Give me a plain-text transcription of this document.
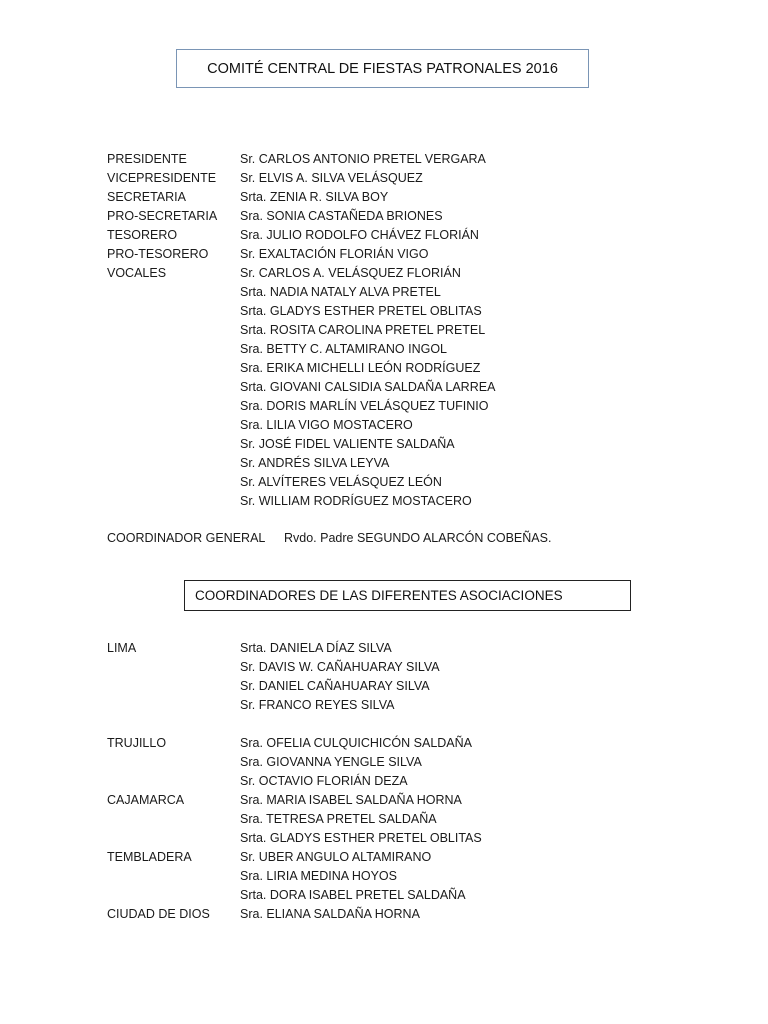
COMITÉ CENTRAL DE FIESTAS PATRONALES 2016
PRESIDENTE	Sr. CARLOS ANTONIO PRETEL VERGARA
VICEPRESIDENTE	Sr. ELVIS A. SILVA VELÁSQUEZ
SECRETARIA	Srta. ZENIA R. SILVA BOY
PRO-SECRETARIA	Sra. SONIA CASTAÑEDA BRIONES
TESORERO	Sra. JULIO RODOLFO CHÁVEZ FLORIÁN
PRO-TESORERO	Sr. EXALTACIÓN FLORIÁN VIGO
VOCALES	Sr. CARLOS A. VELÁSQUEZ FLORIÁN
Srta. NADIA NATALY ALVA PRETEL
Srta. GLADYS ESTHER PRETEL OBLITAS
Srta. ROSITA CAROLINA PRETEL PRETEL
Sra. BETTY C. ALTAMIRANO INGOL
Sra. ERIKA MICHELLI LEÓN RODRÍGUEZ
Srta. GIOVANI CALSIDIA SALDAÑA LARREA
Sra. DORIS MARLÍN VELÁSQUEZ TUFINIO
Sra. LILIA VIGO MOSTACERO
Sr. JOSÉ FIDEL VALIENTE SALDAÑA
Sr. ANDRÉS SILVA LEYVA
Sr. ALVÍTERES VELÁSQUEZ LEÓN
Sr. WILLIAM RODRÍGUEZ MOSTACERO
COORDINADOR GENERAL Rvdo. Padre SEGUNDO ALARCÓN COBEÑAS.
COORDINADORES DE LAS DIFERENTES ASOCIACIONES
LIMA	Srta. DANIELA DÍAZ SILVA
Sr. DAVIS W. CAÑAHUARAY SILVA
Sr. DANIEL CAÑAHUARAY SILVA
Sr. FRANCO REYES SILVA
TRUJILLO	Sra. OFELIA CULQUICHICÓN SALDAÑA
Sra. GIOVANNA YENGLE SILVA
Sr. OCTAVIO FLORIÁN DEZA
CAJAMARCA	Sra. MARIA ISABEL SALDAÑA HORNA
Sra. TETRESA PRETEL SALDAÑA
Srta. GLADYS ESTHER PRETEL OBLITAS
TEMBLADERA	Sr. UBER ANGULO ALTAMIRANO
Sra. LIRIA MEDINA HOYOS
Srta. DORA ISABEL PRETEL SALDAÑA
CIUDAD DE DIOS	Sra. ELIANA SALDAÑA HORNA
